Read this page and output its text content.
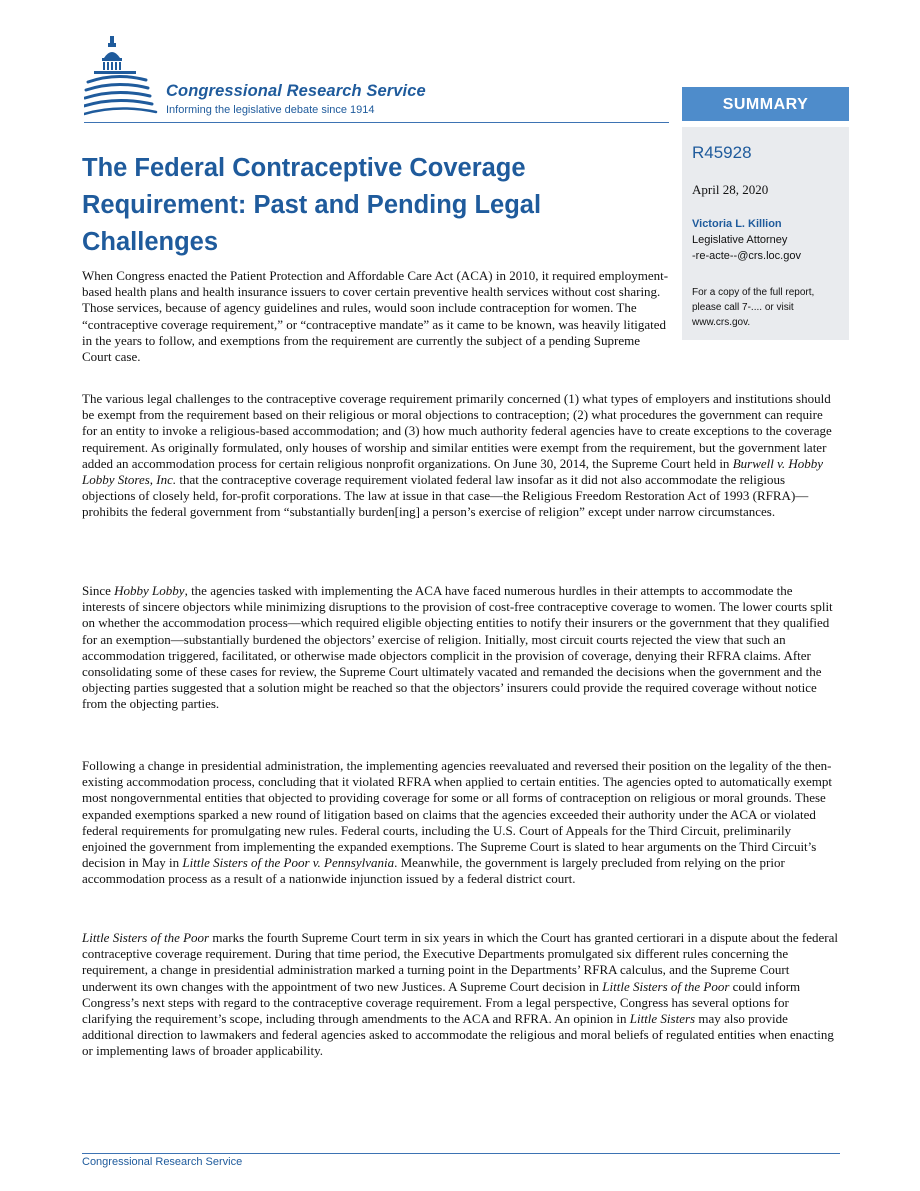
Congressional Research Service
Informing the legislative debate since 1914	SUMMARY
R45928
April 28, 2020
Victoria L. Killion
Legislative Attorney
-re-acte--@crs.loc.gov
For a copy of the full report, please call 7-.... or visit www.crs.gov.
The Federal Contraceptive Coverage Requirement: Past and Pending Legal Challenges

When Congress enacted the Patient Protection and Affordable Care Act (ACA) in 2010, it required employment-based health plans and health insurance issuers to cover certain preventive health services without cost sharing. Those services, because of agency guidelines and rules, would soon include contraception for women. The “contraceptive coverage requirement,” or “contraceptive mandate” as it came to be known, was heavily litigated in the years to follow, and exemptions from the requirement are currently the subject of a pending Supreme Court case.

The various legal challenges to the contraceptive coverage requirement primarily concerned (1) what types of employers and institutions should be exempt from the requirement based on their religious or moral objections to contraception; (2) what procedures the government can require for an entity to invoke a religious-based accommodation; and (3) how much authority federal agencies have to create exceptions to the coverage requirement. As originally formulated, only houses of worship and similar entities were exempt from the requirement, but the government later added an accommodation process for certain religious nonprofit organizations. On June 30, 2014, the Supreme Court held in Burwell v. Hobby Lobby Stores, Inc. that the contraceptive coverage requirement violated federal law insofar as it did not also accommodate the religious objections of closely held, for-profit corporations. The law at issue in that case—the Religious Freedom Restoration Act of 1993 (RFRA)—prohibits the federal government from “substantially burden[ing] a person’s exercise of religion” except under narrow circumstances.

Since Hobby Lobby, the agencies tasked with implementing the ACA have faced numerous hurdles in their attempts to accommodate the interests of sincere objectors while minimizing disruptions to the provision of cost-free contraceptive coverage to women. The lower courts split on whether the accommodation process—which required eligible objecting entities to notify their insurers or the government that they qualified for an exemption—substantially burdened the objectors’ exercise of religion. Initially, most circuit courts rejected the view that such an accommodation triggered, facilitated, or otherwise made objectors complicit in the provision of coverage, denying their RFRA claims. After consolidating some of these cases for review, the Supreme Court ultimately vacated and remanded the decisions when the government and the objecting parties suggested that a solution might be reached so that the objectors’ insurers could provide the required coverage without notice from the objecting parties.

Following a change in presidential administration, the implementing agencies reevaluated and reversed their position on the legality of the then-existing accommodation process, concluding that it violated RFRA when applied to certain entities. The agencies opted to automatically exempt most nongovernmental entities that objected to providing coverage for some or all forms of contraception on religious or moral grounds. These expanded exemptions sparked a new round of litigation based on claims that the agencies exceeded their authority under the ACA or violated federal requirements for promulgating new rules. Federal courts, including the U.S. Court of Appeals for the Third Circuit, preliminarily enjoined the government from implementing the expanded exemptions. The Supreme Court is slated to hear arguments on the Third Circuit’s decision in May in Little Sisters of the Poor v. Pennsylvania. Meanwhile, the government is largely precluded from relying on the prior accommodation process as a result of a nationwide injunction issued by a federal district court.

Little Sisters of the Poor marks the fourth Supreme Court term in six years in which the Court has granted certiorari in a dispute about the federal contraceptive coverage requirement. During that time period, the Executive Departments promulgated six different rules concerning the requirement, a change in presidential administration marked a turning point in the Departments’ RFRA calculus, and the Supreme Court underwent its own changes with the appointment of two new Justices. A Supreme Court decision in Little Sisters of the Poor could inform Congress’s next steps with regard to the contraceptive coverage requirement. From a legal perspective, Congress has several options for clarifying the requirement’s scope, including through amendments to the ACA and RFRA. An opinion in Little Sisters may also provide additional direction to lawmakers and federal agencies asked to accommodate the religious and moral beliefs of regulated entities when enacting or implementing laws of broader applicability.

Congressional Research Service
